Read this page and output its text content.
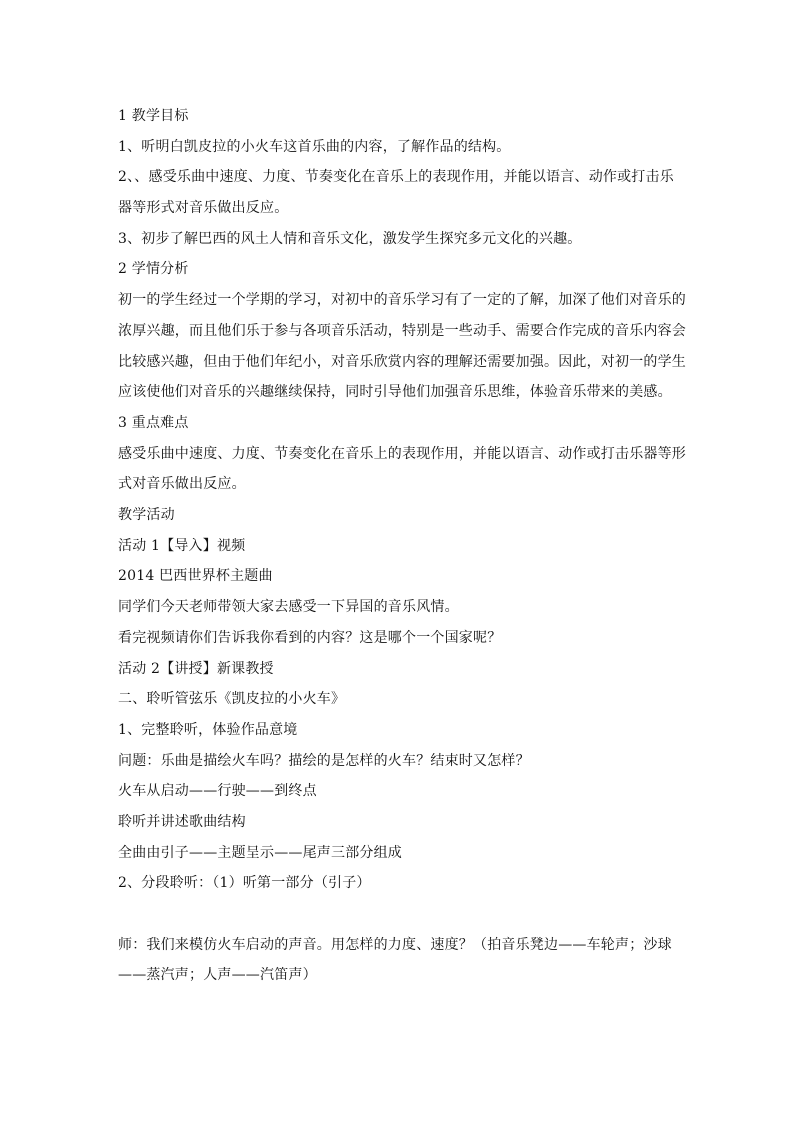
1 教学目标
1、听明白凯皮拉的小火车这首乐曲的内容，了解作品的结构。
2、、感受乐曲中速度、力度、节奏变化在音乐上的表现作用，并能以语言、动作或打击乐
器等形式对音乐做出反应。
3、初步了解巴西的风土人情和音乐文化，激发学生探究多元文化的兴趣。
2 学情分析
初一的学生经过一个学期的学习，对初中的音乐学习有了一定的了解，加深了他们对音乐的
浓厚兴趣，而且他们乐于参与各项音乐活动，特别是一些动手、需要合作完成的音乐内容会
比较感兴趣，但由于他们年纪小，对音乐欣赏内容的理解还需要加强。因此，对初一的学生
应该使他们对音乐的兴趣继续保持，同时引导他们加强音乐思维，体验音乐带来的美感。
3 重点难点
感受乐曲中速度、力度、节奏变化在音乐上的表现作用，并能以语言、动作或打击乐器等形
式对音乐做出反应。
教学活动
活动 1【导入】视频
2014 巴西世界杯主题曲
同学们今天老师带领大家去感受一下异国的音乐风情。
看完视频请你们告诉我你看到的内容？这是哪个一个国家呢？
活动 2【讲授】新课教授
二、聆听管弦乐《凯皮拉的小火车》
1、完整聆听，体验作品意境
问题：乐曲是描绘火车吗？描绘的是怎样的火车？结束时又怎样？
火车从启动——行驶——到终点
聆听并讲述歌曲结构
全曲由引子——主题呈示——尾声三部分组成
2、分段聆听：（1）听第一部分（引子）
师：我们来模仿火车启动的声音。用怎样的力度、速度？（拍音乐凳边——车轮声；沙球
——蒸汽声；人声——汽笛声）
